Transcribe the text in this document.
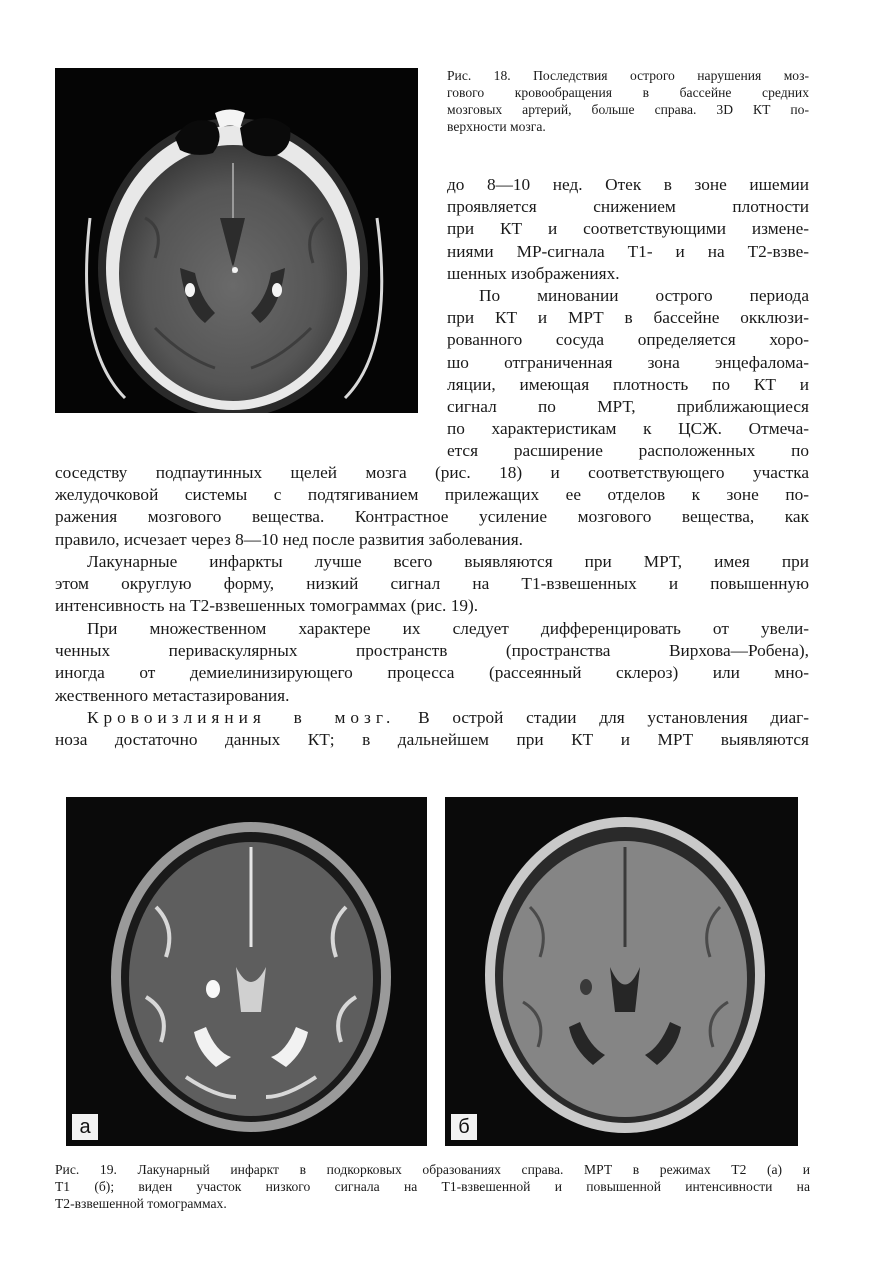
Рис. 18. Последствия острого нарушения моз-
гового кровообращения в бассейне средних
мозговых артерий, больше справа. 3D КТ по-
верхности мозга.
до 8—10 нед. Отек в зоне ишемии
проявляется снижением плотности
при КТ и соответствующими измене-
ниями МР-сигнала Т1- и на Т2-взве-
шенных изображениях.
По миновании острого периода
при КТ и МРТ в бассейне окклюзи-
рованного сосуда определяется хоро-
шо отграниченная зона энцефалома-
ляции, имеющая плотность по КТ и
сигнал по МРТ, приближающиеся
по характеристикам к ЦСЖ. Отмеча-
ется расширение расположенных по
соседству подпаутинных щелей мозга (рис. 18) и соответствующего участка
желудочковой системы с подтягиванием прилежащих ее отделов к зоне по-
ражения мозгового вещества. Контрастное усиление мозгового вещества, как
правило, исчезает через 8—10 нед после развития заболевания.
Лакунарные инфаркты лучше всего выявляются при МРТ, имея при
этом округлую форму, низкий сигнал на Т1-взвешенных и повышенную
интенсивность на Т2-взвешенных томограммах (рис. 19).
При множественном характере их следует дифференцировать от увели-
ченных периваскулярных пространств (пространства Вирхова—Робена),
иногда от демиелинизирующего процесса (рассеянный склероз) или мно-
жественного метастазирования.
Кровоизлияния в мозг. В острой стадии для установления диаг-
ноза достаточно данных КТ; в дальнейшем при КТ и МРТ выявляются
а	б
Рис. 19. Лакунарный инфаркт в подкорковых образованиях справа. МРТ в режимах Т2 (а) и
Т1 (б); виден участок низкого сигнала на Т1-взвешенной и повышенной интенсивности на
Т2-взвешенной томограммах.
